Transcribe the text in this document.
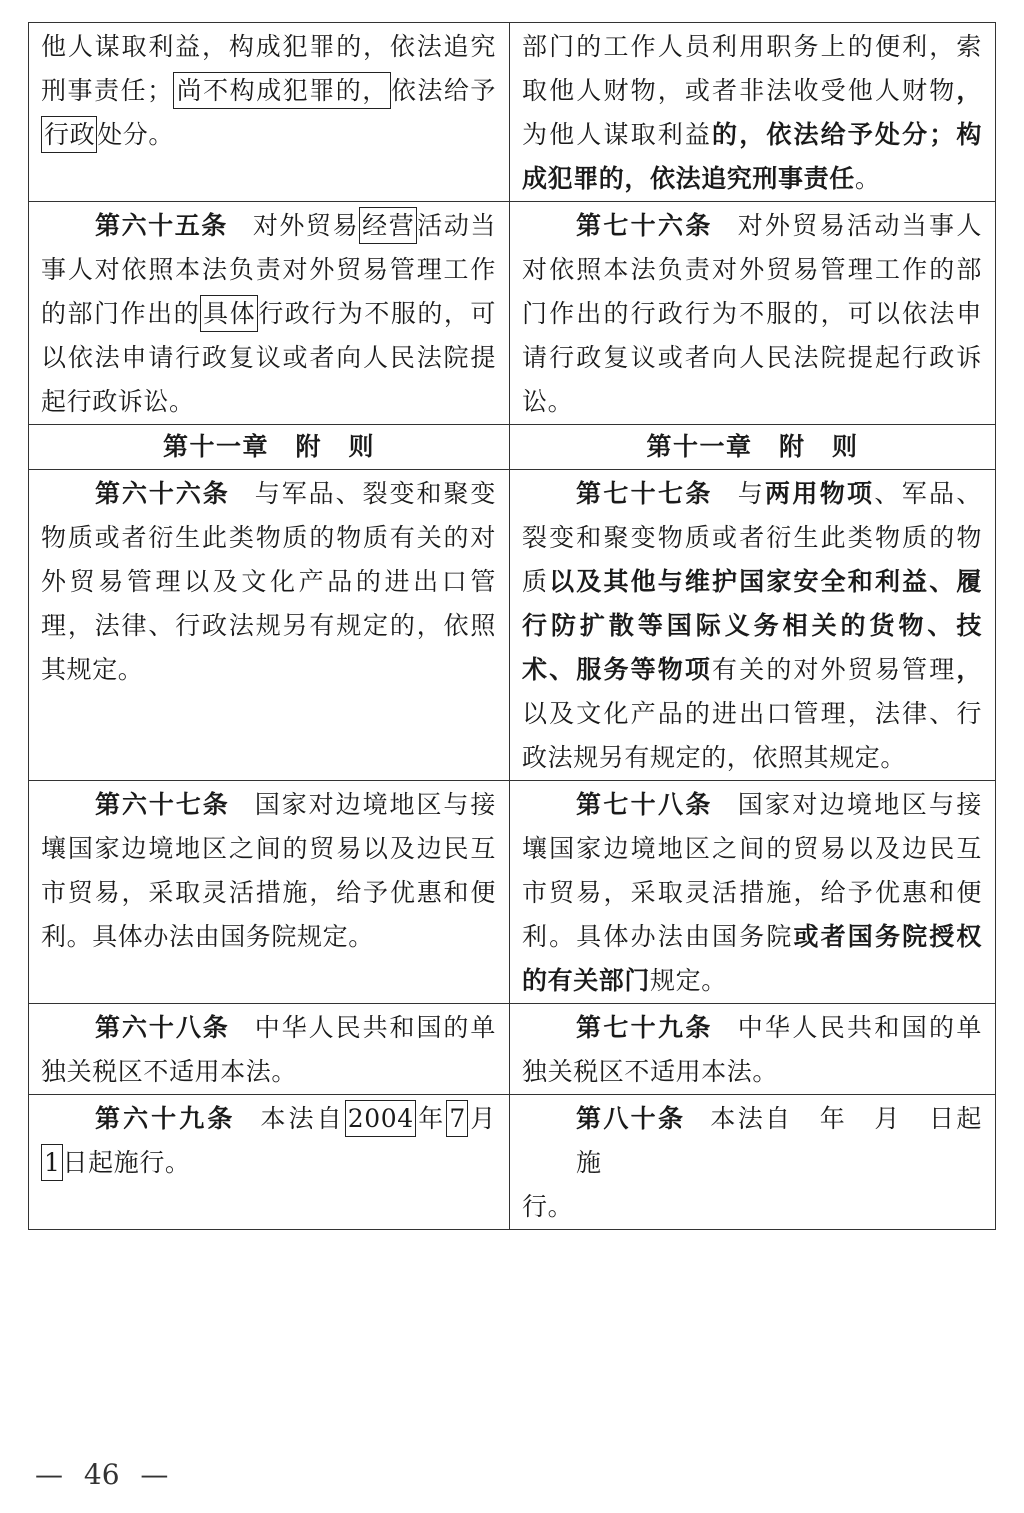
他人谋取利益，构成犯罪的，依法追究
刑事责任； 尚不构成犯罪的，依法给予
行政处分。
部门的工作人员利用职务上的便利，索
取他人财物，或者非法收受他人财物，
为他人谋取利益的，依法给予处分；构
成犯罪的，依法追究刑事责任。
第六十五条 对外贸易 经营活动当
事人对依照本法负责对外贸易管理工作
的部门作出的 具体行政行为不服的，可
以依法申请行政复议或者向人民法院提
起行政诉讼。
第七十六条 对外贸易活动当事人
对依照本法负责对外贸易管理工作的部
门作出的行政行为不服的，可以依法申
请行政复议或者向人民法院提起行政诉
讼。
第十一章　附　则	第十一章　附　则
第六十六条 与军品、裂变和聚变
物质或者衍生此类物质的物质有关的对
外贸易管理以及文化产品的进出口管
理，法律、行政法规另有规定的，依照
其规定。
第七十七条 与两用物项、军品、
裂变和聚变物质或者衍生此类物质的物
质以及其他与维护国家安全和利益、履
行防扩散等国际义务相关的货物、技
术、服务等物项有关的对外贸易管理，
以及文化产品的进出口管理，法律、行
政法规另有规定的，依照其规定。
第六十七条 国家对边境地区与接
壤国家边境地区之间的贸易以及边民互
市贸易，采取灵活措施，给予优惠和便
利。具体办法由国务院规定。
第七十八条 国家对边境地区与接
壤国家边境地区之间的贸易以及边民互
市贸易，采取灵活措施，给予优惠和便
利。具体办法由国务院或者国务院授权
的有关部门规定。
第六十八条 中华人民共和国的单
独关税区不适用本法。
第七十九条 中华人民共和国的单
独关税区不适用本法。
第六十九条 本法自 2004年 7月
1日起施行。
第八十条 本法自　年　月　日起施
行。
— 46 —
